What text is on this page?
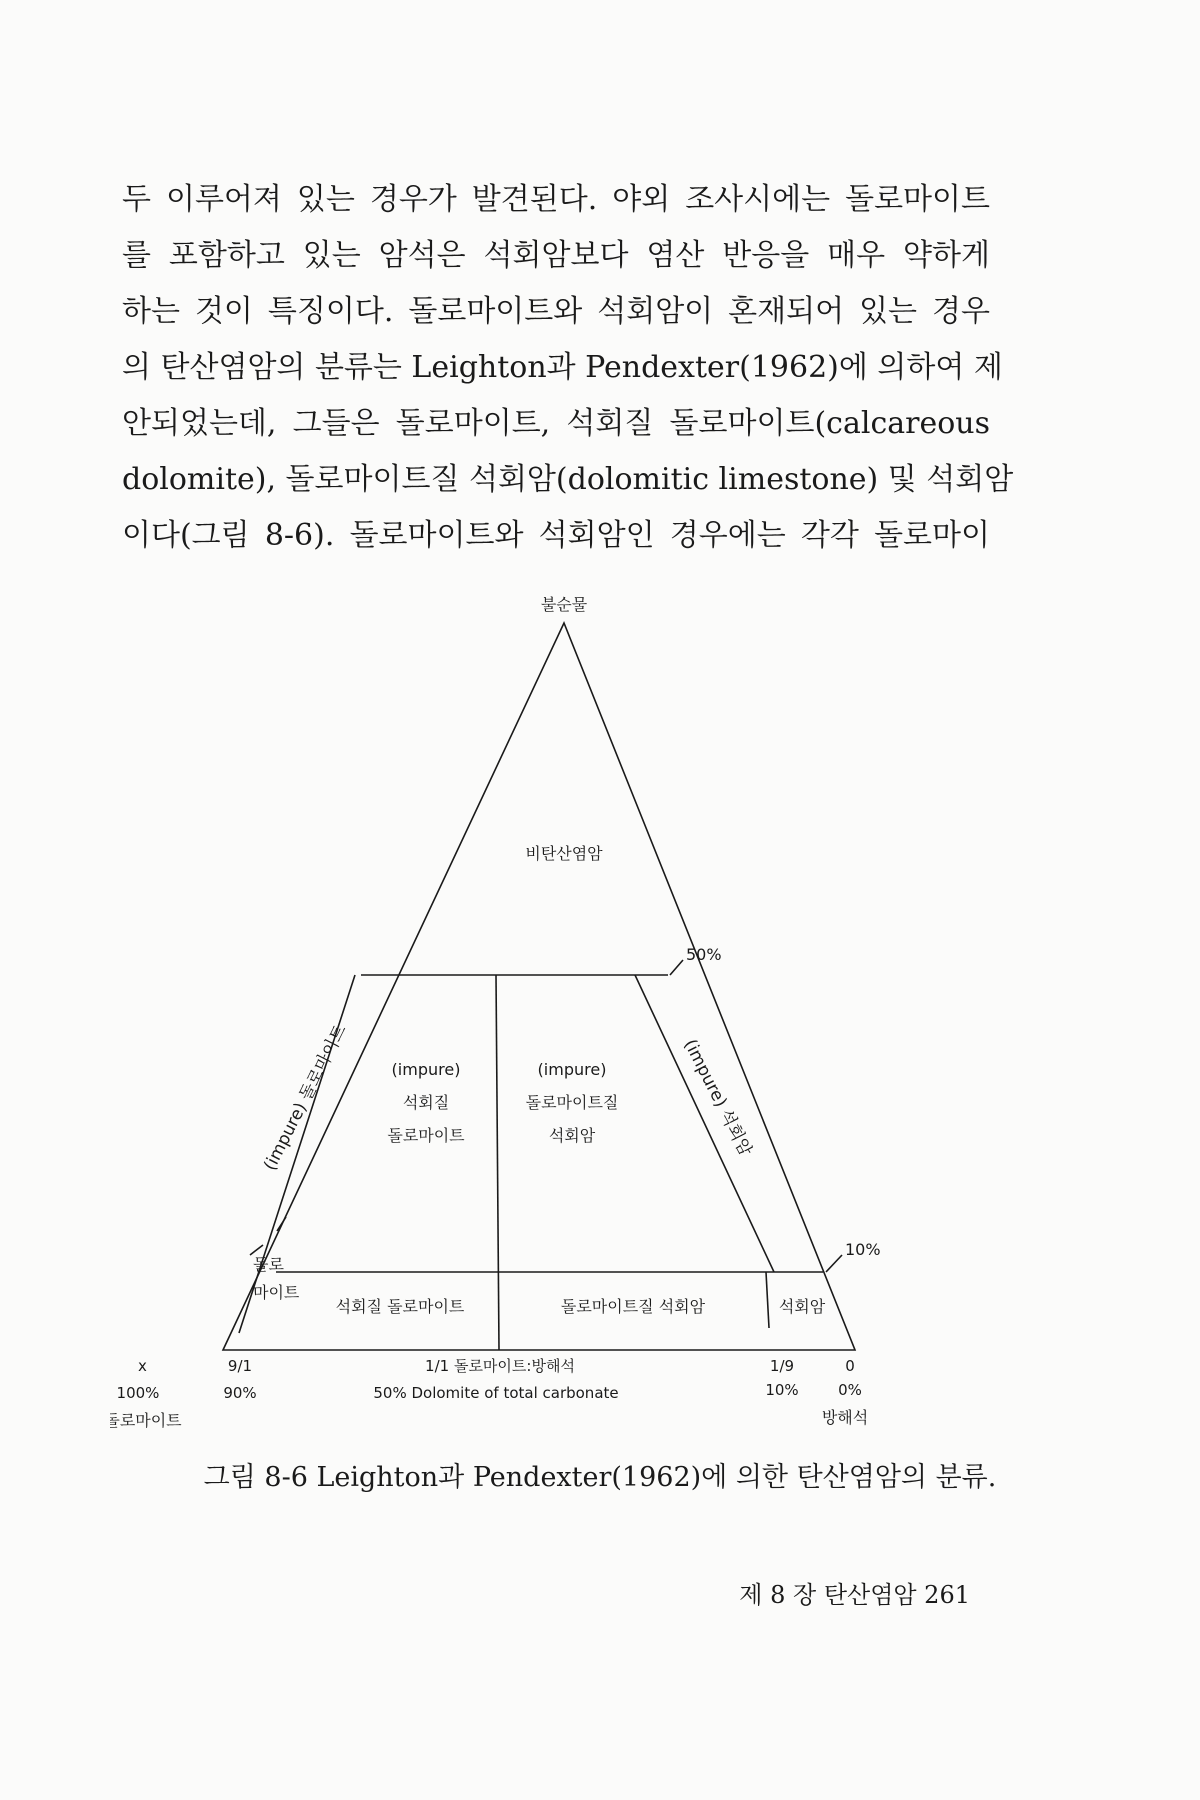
두 이루어져 있는 경우가 발견된다. 야외 조사시에는 돌로마이트
를 포함하고 있는 암석은 석회암보다 염산 반응을 매우 약하게
하는 것이 특징이다. 돌로마이트와 석회암이 혼재되어 있는 경우
의 탄산염암의 분류는 Leighton과 Pendexter(1962)에 의하여 제
안되었는데, 그들은 돌로마이트, 석회질 돌로마이트(calcareous
dolomite), 돌로마이트질 석회암(dolomitic limestone) 및 석회암
이다(그림 8-6). 돌로마이트와 석회암인 경우에는 각각 돌로마이
불순물
비탄산염암
50%
10%
(impure) 돌로마이트	(impure) 석회암
(impure)
석회질
돌로마이트
(impure)
돌로마이트질
석회암
돌로
마이트
석회질 돌로마이트	돌로마이트질 석회암	석회암
x	9/1	1/1 돌로마이트:방해석	1/9	0
100%	90%	50% Dolomite of total carbonate	10%	0%
돌로마이트	방해석
그림 8-6 Leighton과 Pendexter(1962)에 의한 탄산염암의 분류.
제 8 장 탄산염암 261
